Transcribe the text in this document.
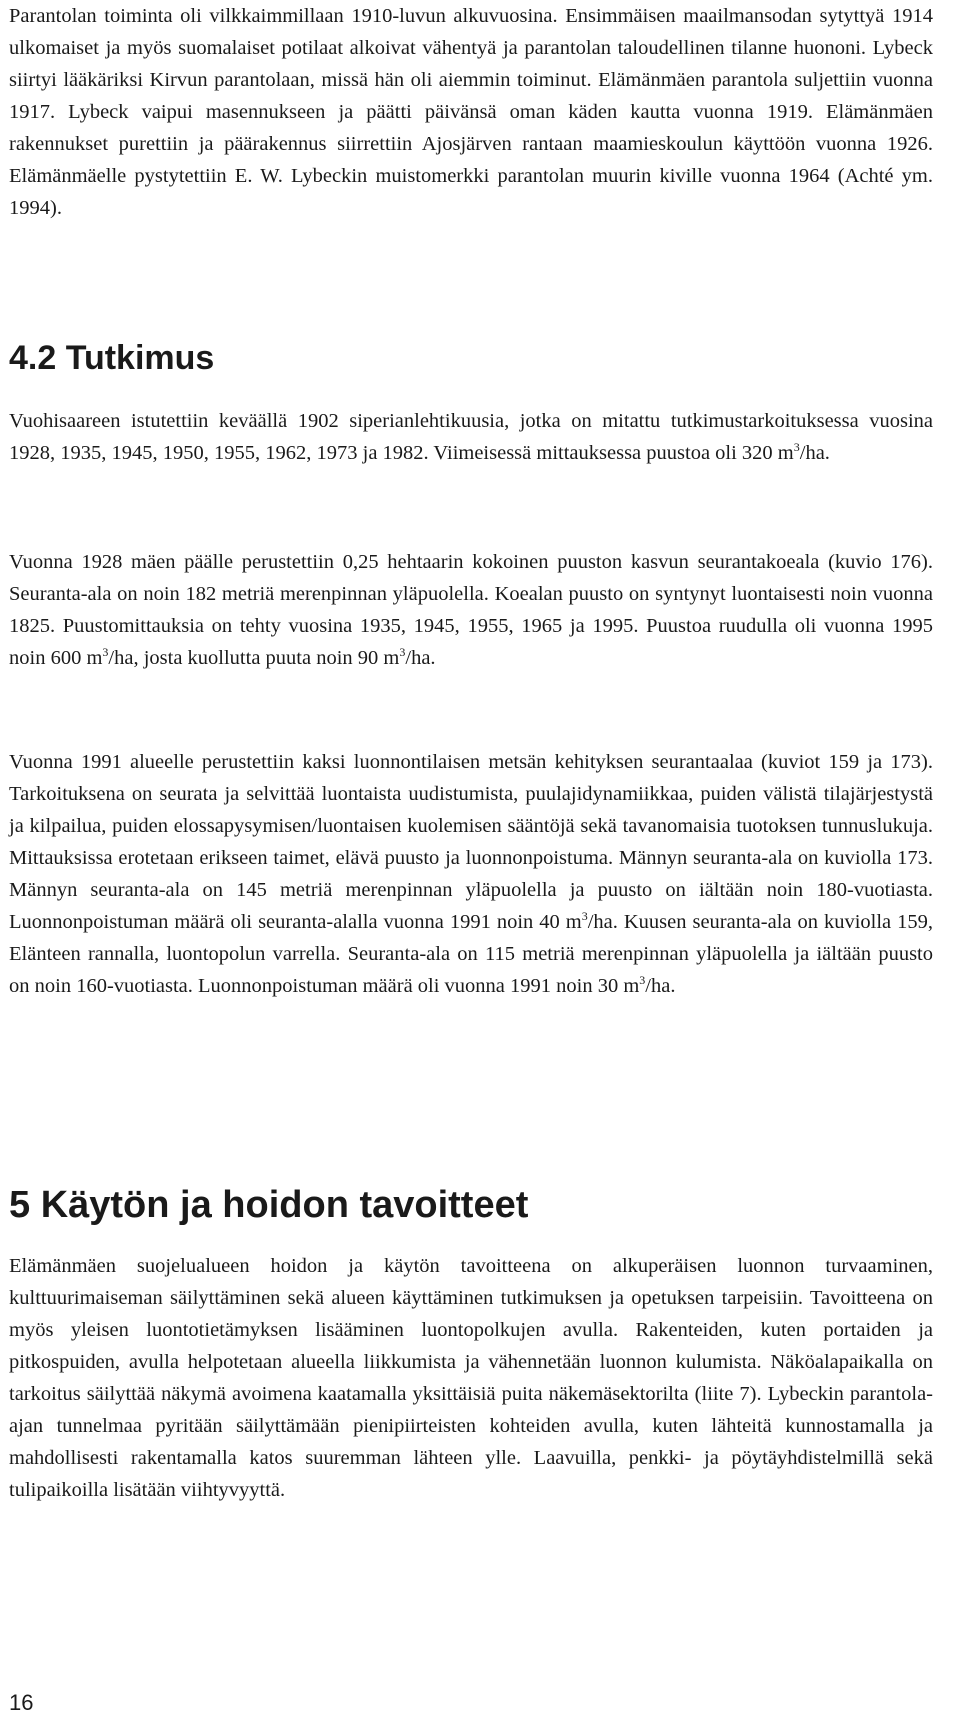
Parantolan toiminta oli vilkkaimmillaan 1910-luvun alkuvuosina. Ensimmäisen maailmansodan sytyttyä 1914 ulkomaiset ja myös suomalaiset potilaat alkoivat vähentyä ja parantolan taloudellinen tilanne huononi. Lybeck siirtyi lääkäriksi Kirvun parantolaan, missä hän oli aiemmin toiminut. Elämänmäen parantola suljettiin vuonna 1917. Lybeck vaipui masennukseen ja päätti päivänsä oman käden kautta vuonna 1919. Elämänmäen rakennukset purettiin ja päärakennus siirrettiin Ajosjärven rantaan maamieskoulun käyttöön vuonna 1926. Elämänmäelle pystytettiin E. W. Lybeckin muistomerkki parantolan muurin kiville vuonna 1964 (Achté ym. 1994).

4.2 Tutkimus

Vuohisaareen istutettiin keväällä 1902 siperianlehtikuusia, jotka on mitattu tutkimustarkoituksessa vuosina 1928, 1935, 1945, 1950, 1955, 1962, 1973 ja 1982. Viimeisessä mittauksessa puustoa oli 320 $m^3/ha$.

Vuonna 1928 mäen päälle perustettiin 0,25 hehtaarin kokoinen puuston kasvun seurantakoeala (kuvio 176). Seuranta-ala on noin 182 metriä merenpinnan yläpuolella. Koealan puusto on syntynyt luontaisesti noin vuonna 1825. Puustomittauksia on tehty vuosina 1935, 1945, 1955, 1965 ja 1995. Puustoa ruudulla oli vuonna 1995 noin 600 $m^3/ha$, josta kuollutta puuta noin 90 $m^3/ha$.

Vuonna 1991 alueelle perustettiin kaksi luonnontilaisen metsän kehityksen seurantaalaa (kuviot 159 ja 173). Tarkoituksena on seurata ja selvittää luontaista uudistumista, puulajidynamiikkaa, puiden välistä tilajärjestystä ja kilpailua, puiden elossapysymisen/luontaisen kuolemisen sääntöjä sekä tavanomaisia tuotoksen tunnuslukuja. Mittauksissa erotetaan erikseen taimet, elävä puusto ja luonnonpoistuma. Männyn seuranta-ala on kuviolla 173. Männyn seuranta-ala on 145 metriä merenpinnan yläpuolella ja puusto on iältään noin 180-vuotiasta. Luonnonpoistuman määrä oli seuranta-alalla vuonna 1991 noin 40 $m^3/ha$. Kuusen seuranta-ala on kuviolla 159, Elänteen rannalla, luontopolun varrella. Seuranta-ala on 115 metriä merenpinnan yläpuolella ja iältään puusto on noin 160-vuotiasta. Luonnonpoistuman määrä oli vuonna 1991 noin 30 $m^3/ha$.

5 Käytön ja hoidon tavoitteet

Elämänmäen suojelualueen hoidon ja käytön tavoitteena on alkuperäisen luonnon turvaaminen, kulttuurimaiseman säilyttäminen sekä alueen käyttäminen tutkimuksen ja opetuksen tarpeisiin. Tavoitteena on myös yleisen luontotietämyksen lisääminen luontopolkujen avulla. Rakenteiden, kuten portaiden ja pitkospuiden, avulla helpotetaan alueella liikkumista ja vähennetään luonnon kulumista. Näköalapaikalla on tarkoitus säilyttää näkymä avoimena kaatamalla yksittäisiä puita näkemäsektorilta (liite 7). Lybeckin parantola-ajan tunnelmaa pyritään säilyttämään pienipiirteisten kohteiden avulla, kuten lähteitä kunnostamalla ja mahdollisesti rakentamalla katos suuremman lähteen ylle. Laavuilla, penkki- ja pöytäyhdistelmillä sekä tulipaikoilla lisätään viihtyvyyttä.

16
